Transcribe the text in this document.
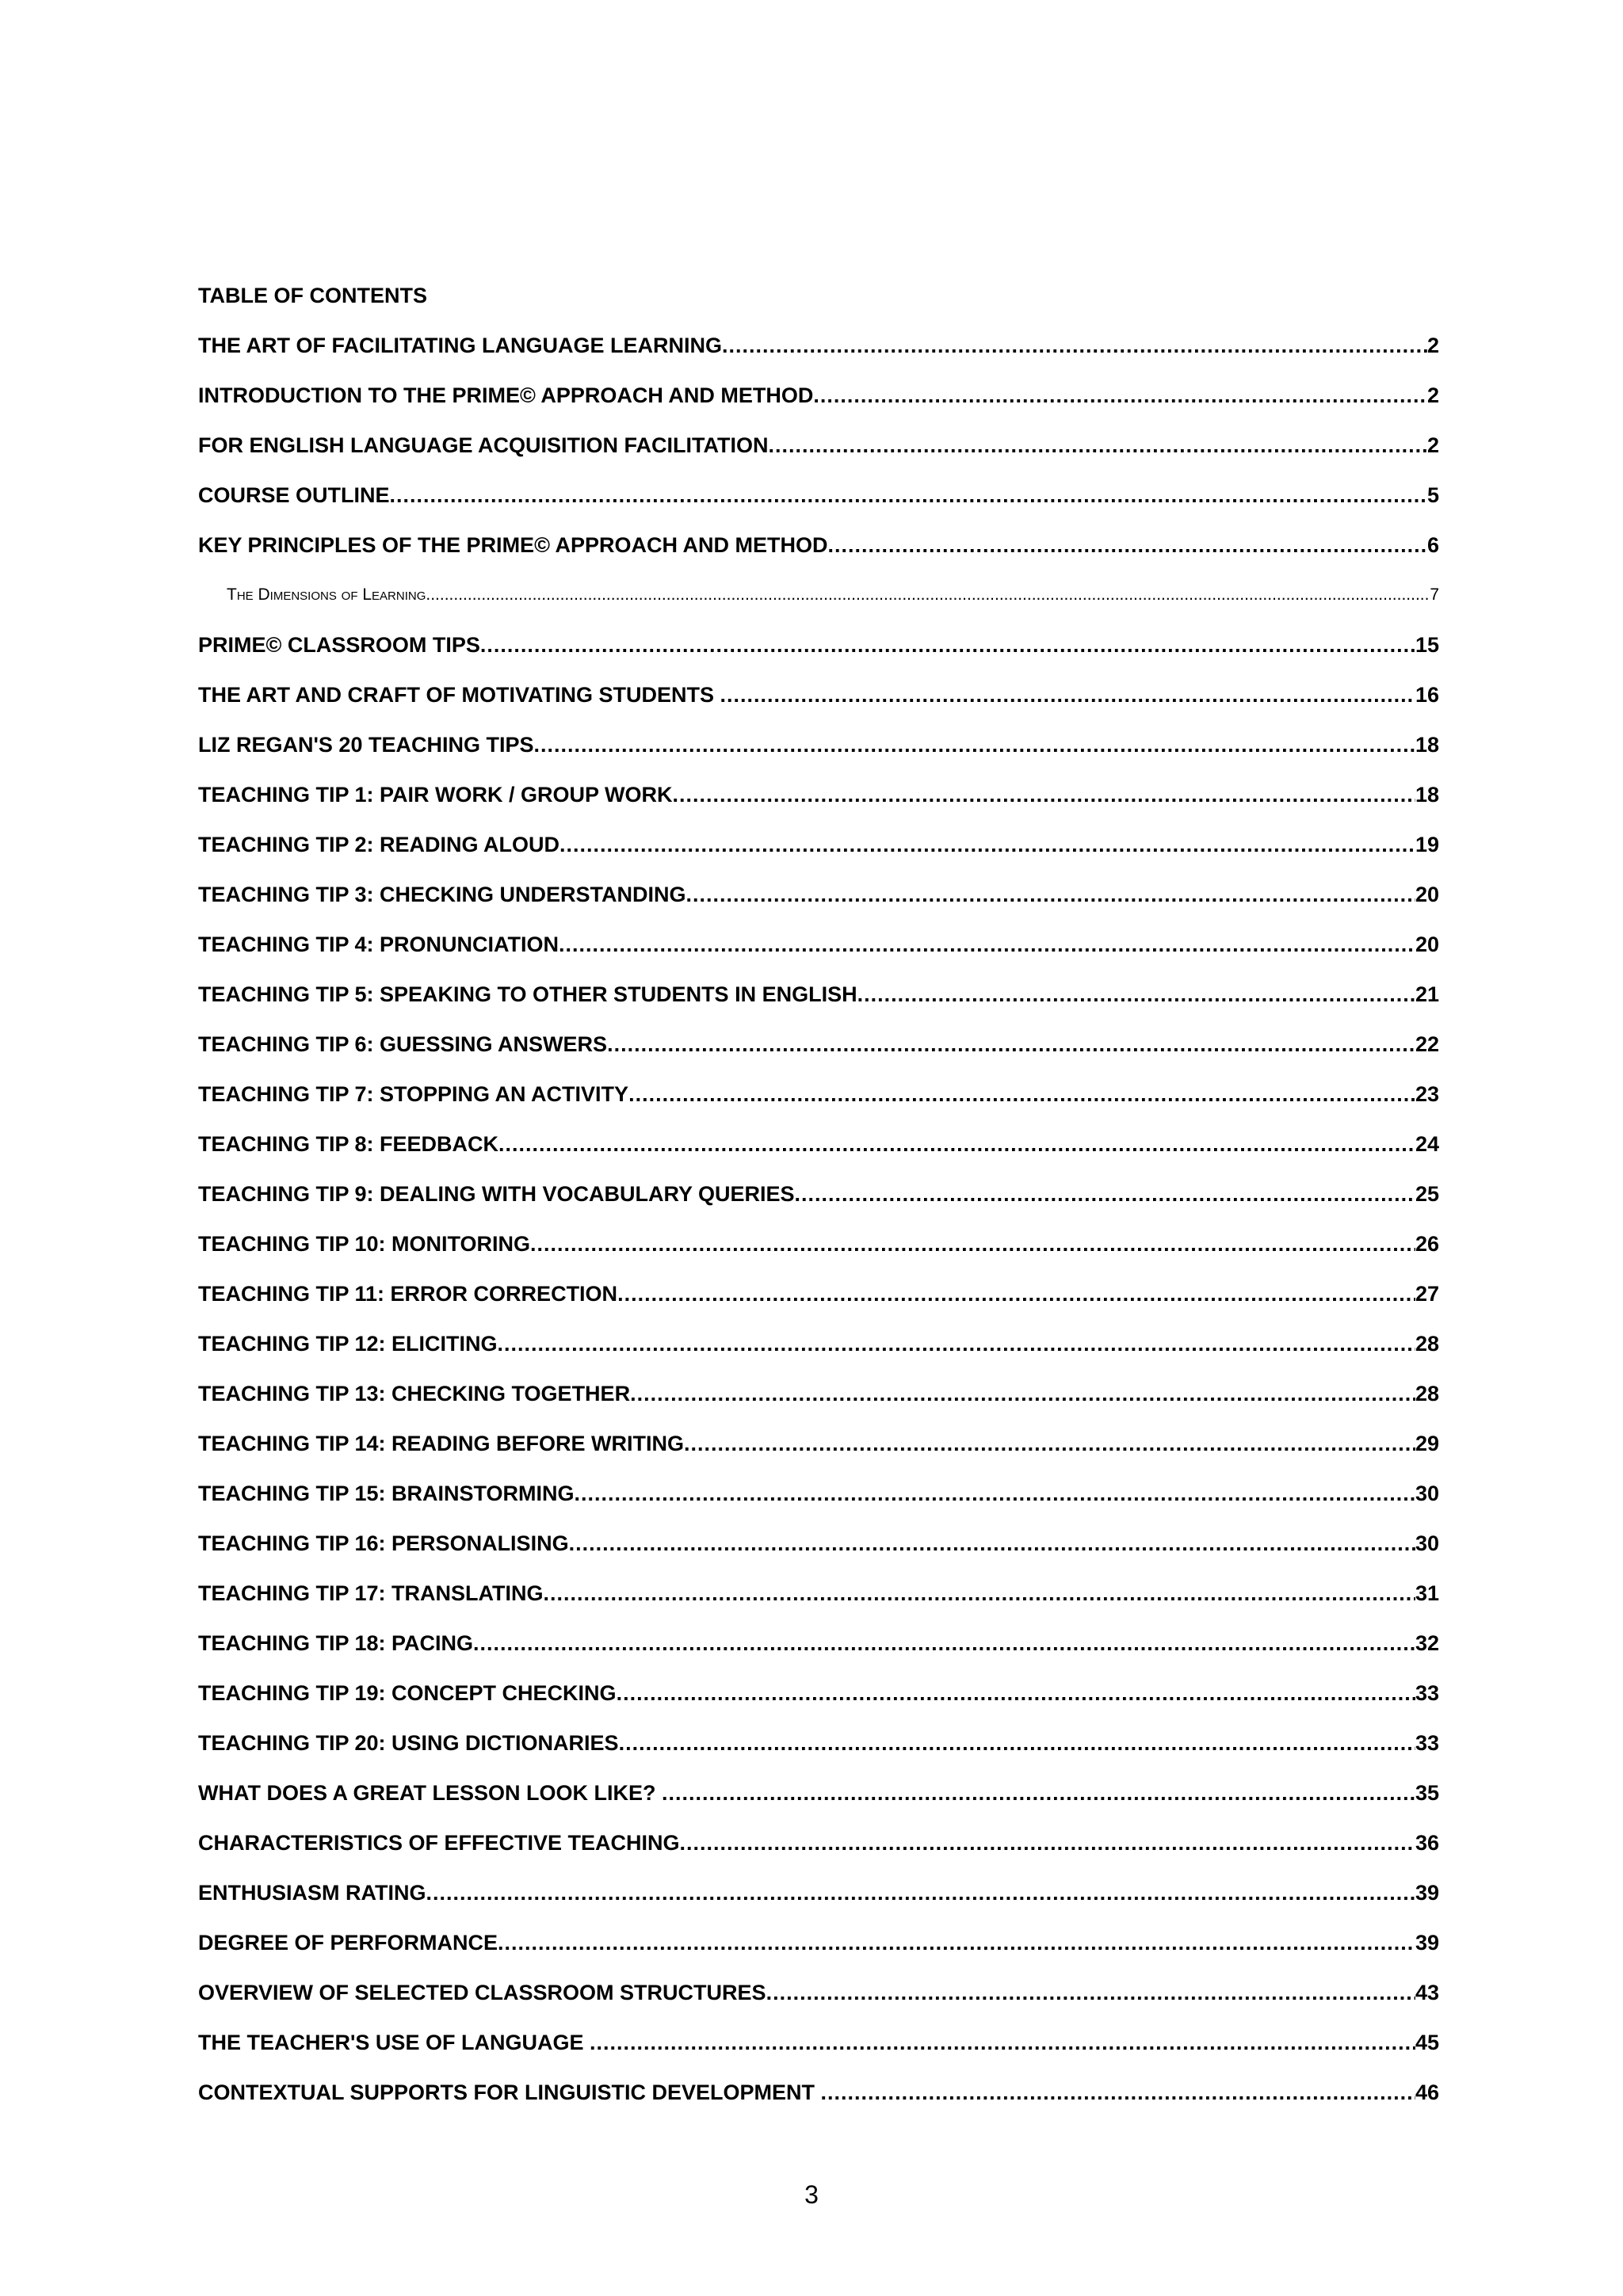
TABLE OF CONTENTS
THE ART OF FACILITATING LANGUAGE LEARNING .....	2
INTRODUCTION TO THE PRIME© APPROACH AND METHOD .....	2
FOR ENGLISH LANGUAGE ACQUISITION FACILITATION .....	2
COURSE OUTLINE .....	5
KEY PRINCIPLES OF THE PRIME© APPROACH AND METHOD .....	6
The Dimensions of Learning .....	7
PRIME© CLASSROOM TIPS .....	15
THE ART AND CRAFT OF MOTIVATING STUDENTS .....	16
LIZ REGAN'S 20 TEACHING TIPS .....	18
TEACHING TIP 1: PAIR WORK / GROUP WORK .....	18
TEACHING TIP 2: READING ALOUD .....	19
TEACHING TIP 3: CHECKING UNDERSTANDING .....	20
TEACHING TIP 4: PRONUNCIATION .....	20
TEACHING TIP 5: SPEAKING TO OTHER STUDENTS IN ENGLISH .....	21
TEACHING TIP 6: GUESSING ANSWERS .....	22
TEACHING TIP 7: STOPPING AN ACTIVITY .....	23
TEACHING TIP 8: FEEDBACK .....	24
TEACHING TIP 9: DEALING WITH VOCABULARY QUERIES .....	25
TEACHING TIP 10: MONITORING .....	26
TEACHING TIP 11: ERROR CORRECTION .....	27
TEACHING TIP 12: ELICITING .....	28
TEACHING TIP 13: CHECKING TOGETHER .....	28
TEACHING TIP 14: READING BEFORE WRITING .....	29
TEACHING TIP 15: BRAINSTORMING .....	30
TEACHING TIP 16: PERSONALISING .....	30
TEACHING TIP 17: TRANSLATING .....	31
TEACHING TIP 18: PACING .....	32
TEACHING TIP 19: CONCEPT CHECKING .....	33
TEACHING TIP 20: USING DICTIONARIES .....	33
WHAT DOES A GREAT LESSON LOOK LIKE? .....	35
CHARACTERISTICS OF EFFECTIVE TEACHING .....	36
ENTHUSIASM RATING .....	39
DEGREE OF PERFORMANCE .....	39
OVERVIEW OF SELECTED CLASSROOM STRUCTURES .....	43
THE TEACHER'S USE OF LANGUAGE .....	45
CONTEXTUAL SUPPORTS FOR LINGUISTIC DEVELOPMENT .....	46
3
